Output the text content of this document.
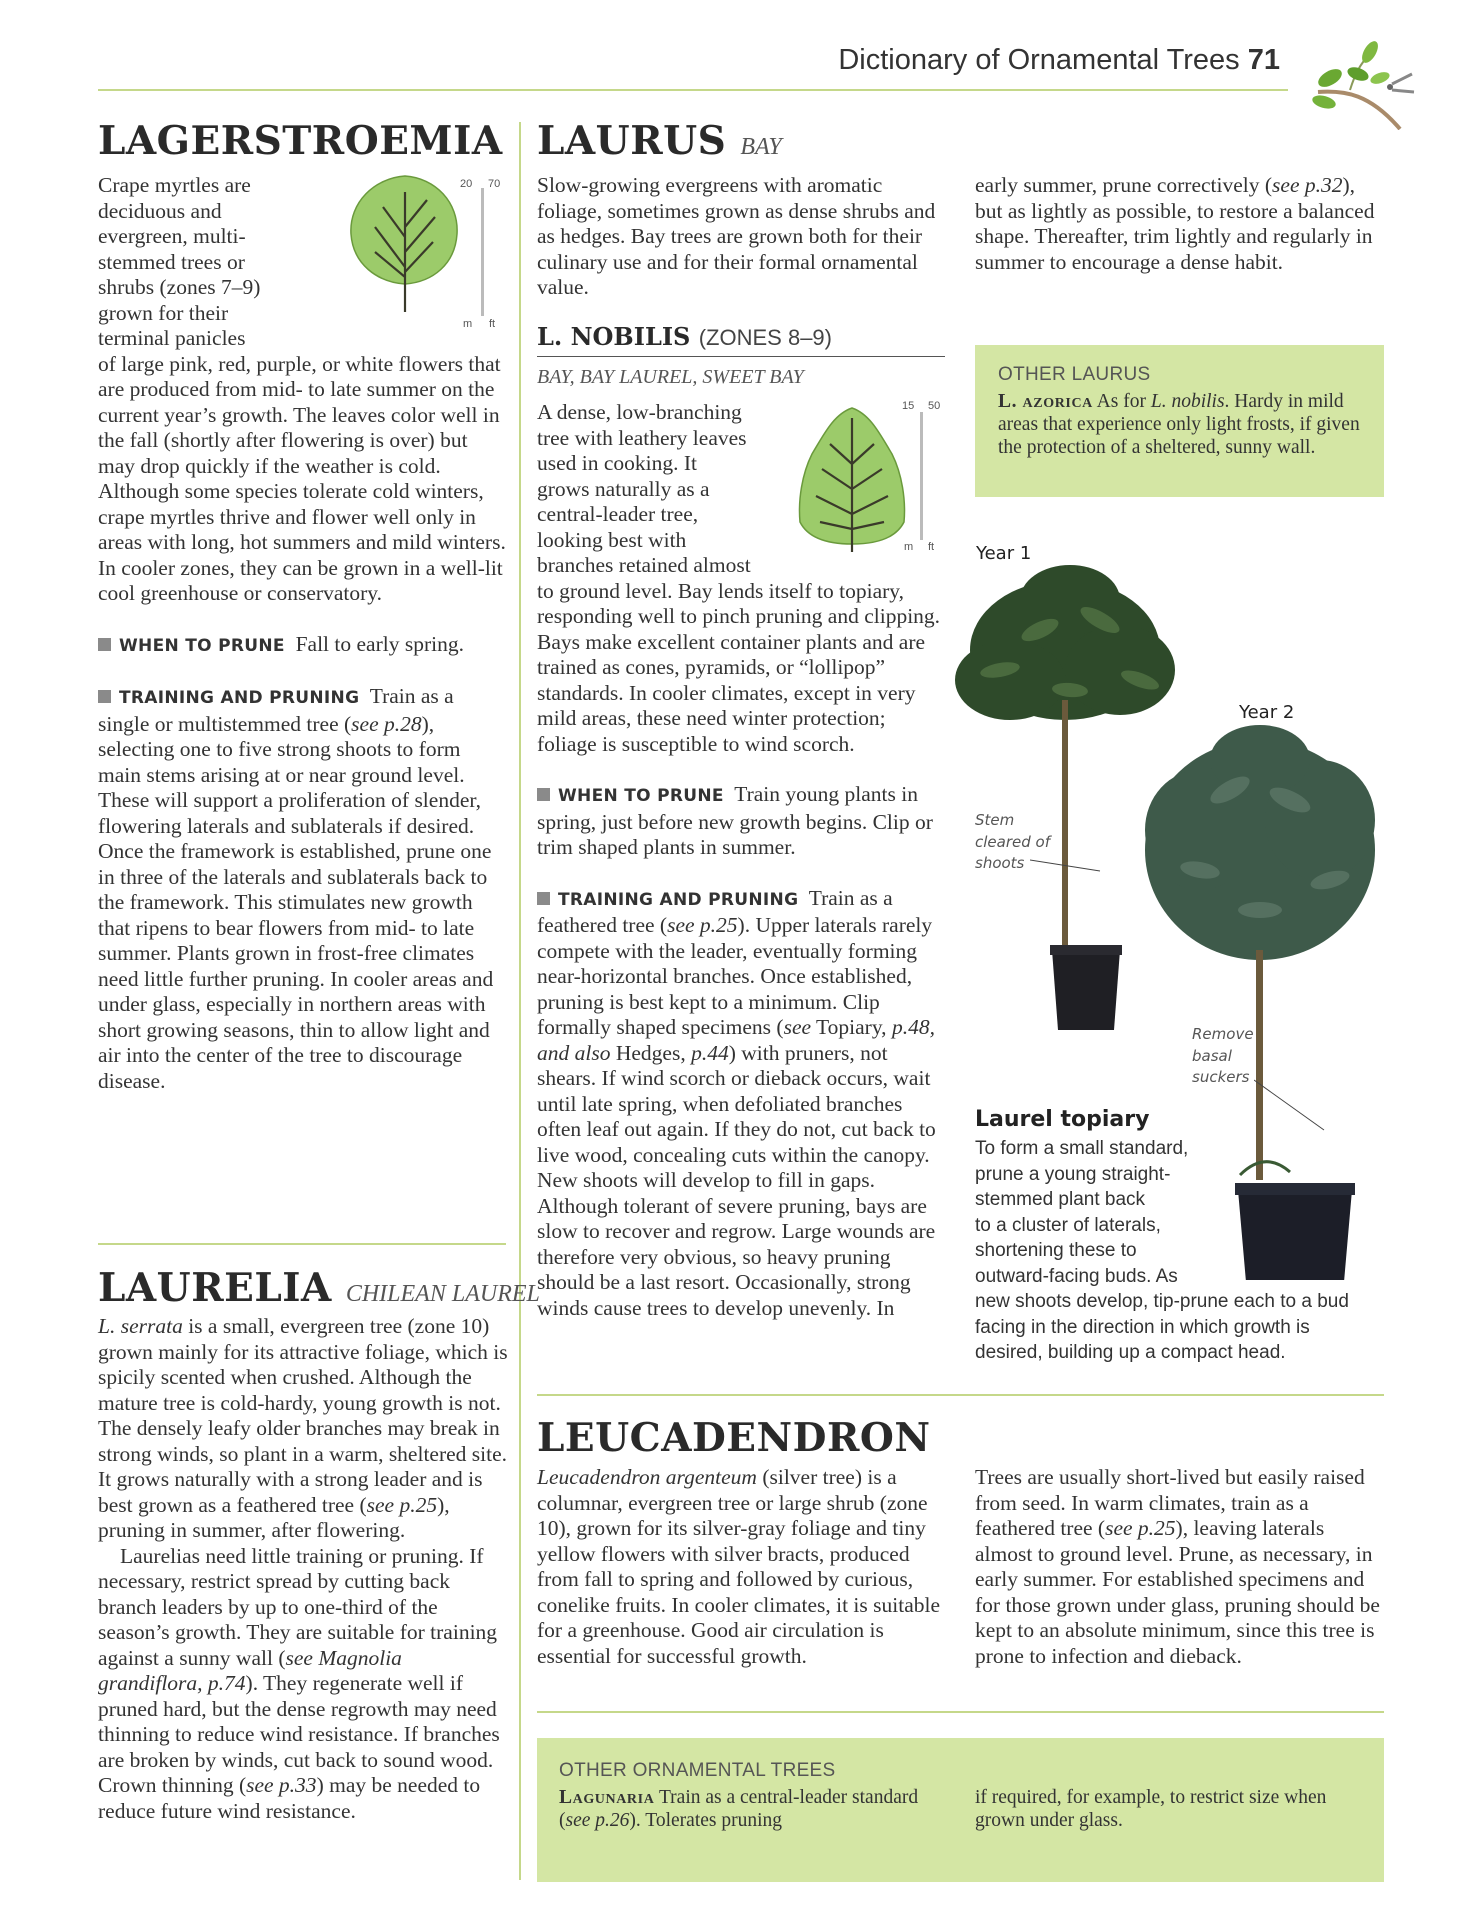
Dictionary of Ornamental Trees 71
LAGERSTROEMIA
20 70
m ft
Crape myrtles are
deciduous and
evergreen, multi-
stemmed trees or
shrubs (zones 7–9)
grown for their
terminal panicles

of large pink, red, purple, or white flowers that are produced from mid- to late summer on the current year’s growth. The leaves color well in the fall (shortly after flowering is over) but may drop quickly if the weather is cold. Although some species tolerate cold winters, crape myrtles thrive and flower well only in areas with long, hot summers and mild winters. In cooler zones, they can be grown in a well-lit cool greenhouse or conservatory.

WHEN TO PRUNE Fall to early spring.

TRAINING AND PRUNING Train as a single or multistemmed tree (see p.28), selecting one to five strong shoots to form main stems arising at or near ground level. These will support a proliferation of slender, flowering laterals and sublaterals if desired. Once the framework is established, prune one in three of the laterals and sublaterals back to the framework. This stimulates new growth that ripens to bear flowers from mid- to late summer. Plants grown in frost-free climates need little further pruning. In cooler areas and under glass, especially in northern areas with short growing seasons, thin to allow light and air into the center of the tree to discourage disease.

LAURELIA CHILEAN LAUREL

L. serrata is a small, evergreen tree (zone 10) grown mainly for its attractive foliage, which is spicily scented when crushed. Although the mature tree is cold-hardy, young growth is not. The densely leafy older branches may break in strong winds, so plant in a warm, sheltered site. It grows naturally with a strong leader and is best grown as a feathered tree (see p.25), pruning in summer, after flowering.

Laurelias need little training or pruning. If necessary, restrict spread by cutting back branch leaders by up to one-third of the season’s growth. They are suitable for training against a sunny wall (see Magnolia grandiflora, p.74). They regenerate well if pruned hard, but the dense regrowth may need thinning to reduce wind resistance. If branches are broken by winds, cut back to sound wood. Crown thinning (see p.33) may be needed to reduce future wind resistance.

LAURUS BAY
Slow-growing evergreens with aromatic foliage, sometimes grown as dense shrubs and as hedges. Bay trees are grown both for their culinary use and for their formal ornamental value.
L. NOBILIS (ZONES 8–9)
BAY, BAY LAUREL, SWEET BAY
15 50
m ft
A dense, low-branching
tree with leathery leaves
used in cooking. It
grows naturally as a
central-leader tree,
looking best with
branches retained almost

to ground level. Bay lends itself to topiary, responding well to pinch pruning and clipping. Bays make excellent container plants and are trained as cones, pyramids, or “lollipop” standards. In cooler climates, except in very mild areas, these need winter protection; foliage is susceptible to wind scorch.

WHEN TO PRUNE Train young plants in spring, just before new growth begins. Clip or trim shaped plants in summer.

TRAINING AND PRUNING Train as a feathered tree (see p.25). Upper laterals rarely compete with the leader, eventually forming near-horizontal branches. Once established, pruning is best kept to a minimum. Clip formally shaped specimens (see Topiary, p.48, and also Hedges, p.44) with pruners, not shears. If wind scorch or dieback occurs, wait until late spring, when defoliated branches often leaf out again. If they do not, cut back to live wood, concealing cuts within the canopy. New shoots will develop to fill in gaps. Although tolerant of severe pruning, bays are slow to recover and regrow. Large wounds are therefore very obvious, so heavy pruning should be a last resort. Occasionally, strong winds cause trees to develop unevenly. In

early summer, prune correctively (see p.32), but as lightly as possible, to restore a balanced shape. Thereafter, trim lightly and regularly in summer to encourage a dense habit.
OTHER LAURUS
L. azorica As for L. nobilis. Hardy in mild areas that experience only light frosts, if given the protection of a sheltered, sunny wall.
Year 1
Year 2
Stem
cleared of
shoots
Remove
basal
suckers
Laurel topiary
To form a small standard,
prune a young straight-
stemmed plant back
to a cluster of laterals,
shortening these to
outward-facing buds. As
new shoots develop, tip-prune each to a bud facing in the direction in which growth is desired, building up a compact head.
LEUCADENDRON
Leucadendron argenteum (silver tree) is a columnar, evergreen tree or large shrub (zone 10), grown for its silver-gray foliage and tiny yellow flowers with silver bracts, produced from fall to spring and followed by curious, conelike fruits. In cooler climates, it is suitable for a greenhouse. Good air circulation is essential for successful growth.
Trees are usually short-lived but easily raised from seed. In warm climates, train as a feathered tree (see p.25), leaving laterals almost to ground level. Prune, as necessary, in early summer. For established specimens and for those grown under glass, pruning should be kept to an absolute minimum, since this tree is prone to infection and dieback.
OTHER ORNAMENTAL TREES
Lagunaria Train as a central-leader standard (see p.26). Tolerates pruning
if required, for example, to restrict size when grown under glass.
